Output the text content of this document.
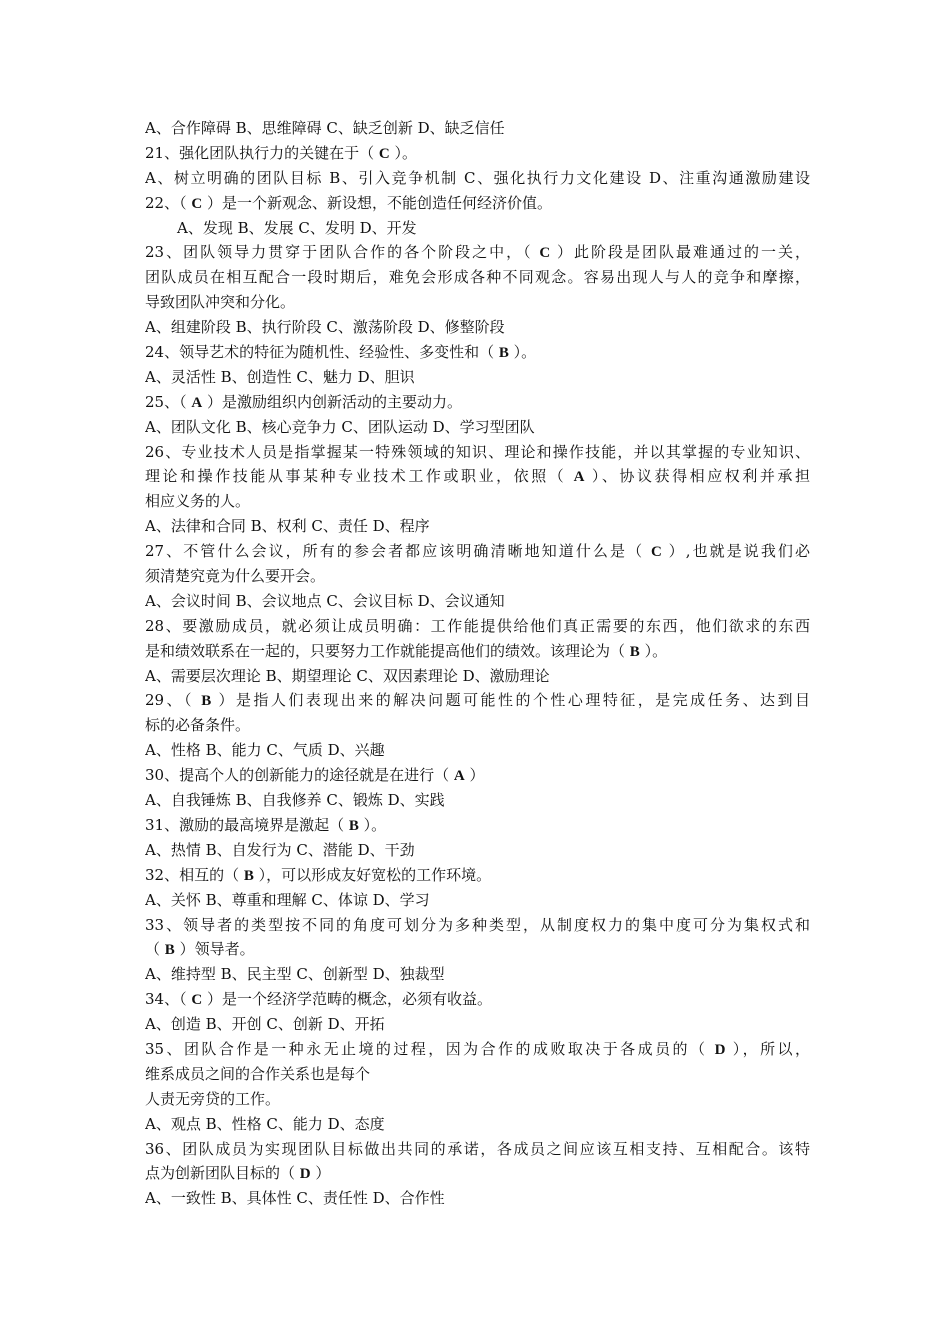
A、合作障碍 B、思维障碍 C、缺乏创新 D、缺乏信任
21、强化团队执行力的关键在于（ C ）。
A、树立明确的团队目标 B、引入竞争机制 C、强化执行力文化建设 D、注重沟通激励建设
22、（ C ）是一个新观念、新设想，不能创造任何经济价值。
A、发现 B、发展 C、发明 D、开发
23、团队领导力贯穿于团队合作的各个阶段之中，（ C ）此阶段是团队最难通过的一关，
团队成员在相互配合一段时期后，难免会形成各种不同观念。容易出现人与人的竞争和摩擦，
导致团队冲突和分化。
A、组建阶段 B、执行阶段 C、激荡阶段 D、修整阶段
24、领导艺术的特征为随机性、经验性、多变性和（ B ）。
A、灵活性 B、创造性 C、魅力 D、胆识
25、（ A ）是激励组织内创新活动的主要动力。
A、团队文化 B、核心竞争力 C、团队运动 D、学习型团队
26、专业技术人员是指掌握某一特殊领域的知识、理论和操作技能，并以其掌握的专业知识、
理论和操作技能从事某种专业技术工作或职业，依照（ A ）、协议获得相应权利并承担
相应义务的人。
A、法律和合同 B、权利 C、责任 D、程序
27、不管什么会议，所有的参会者都应该明确清晰地知道什么是（ C ）,也就是说我们必
须清楚究竟为什么要开会。
A、会议时间 B、会议地点 C、会议目标 D、会议通知
28、要激励成员，就必须让成员明确：工作能提供给他们真正需要的东西，他们欲求的东西
是和绩效联系在一起的，只要努力工作就能提高他们的绩效。该理论为（ B ）。
A、需要层次理论 B、期望理论 C、双因素理论 D、激励理论
29、（ B ）是指人们表现出来的解决问题可能性的个性心理特征，是完成任务、达到目
标的必备条件。
A、性格 B、能力 C、气质 D、兴趣
30、提高个人的创新能力的途径就是在进行（ A ）
A、自我锤炼 B、自我修养 C、锻炼 D、实践
31、激励的最高境界是激起（ B ）。
A、热情 B、自发行为 C、潜能 D、干劲
32、相互的（ B ），可以形成友好宽松的工作环境。
A、关怀 B、尊重和理解 C、体谅 D、学习
33、领导者的类型按不同的角度可划分为多种类型，从制度权力的集中度可分为集权式和
（ B ）领导者。
A、维持型 B、民主型 C、创新型 D、独裁型
34、（ C ）是一个经济学范畴的概念，必须有收益。
A、创造 B、开创 C、创新 D、开拓
35、团队合作是一种永无止境的过程，因为合作的成败取决于各成员的（ D ），所以，
维系成员之间的合作关系也是每个
人责无旁贷的工作。
A、观点 B、性格 C、能力 D、态度
36、团队成员为实现团队目标做出共同的承诺，各成员之间应该互相支持、互相配合。该特
点为创新团队目标的（ D ）
A、一致性 B、具体性 C、责任性 D、合作性
